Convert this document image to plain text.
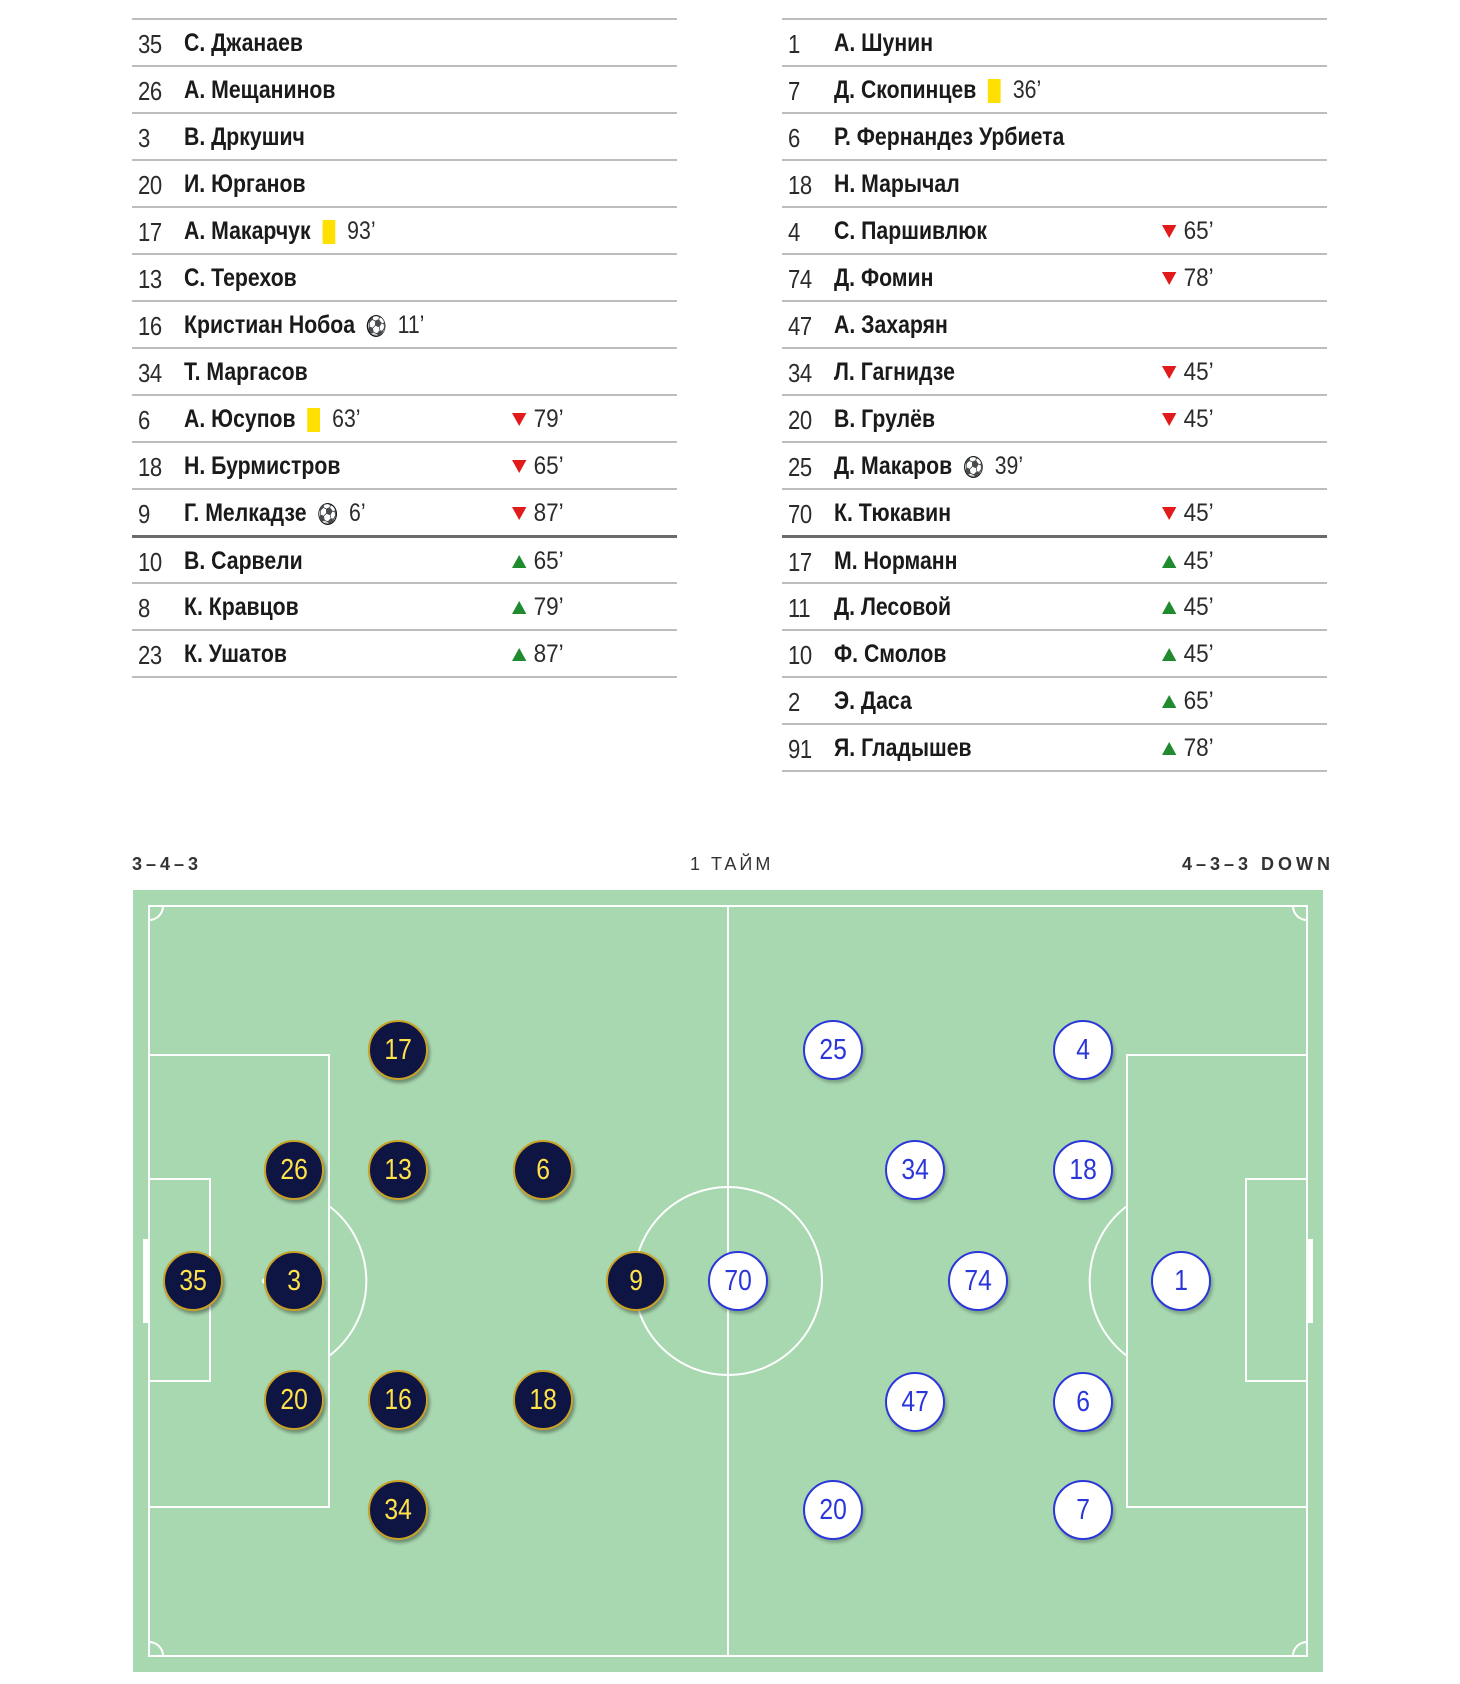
35 С. Джанаев
26 А. Мещанинов
3 В. Дркушич
20 И. Юрганов
17 А. Макарчук 93’
13 С. Терехов
16 Кристиан Нобоа ⚽ 11’
34 Т. Маргасов
6 А. Юсупов 63’	79’
18 Н. Бурмистров	65’
9 Г. Мелкадзе ⚽ 6’	87’
10 В. Сарвели	65’
8 К. Кравцов	79’
23 К. Ушатов	87’
1 А. Шунин
7 Д. Скопинцев 36’
6 Р. Фернандез Урбиета
18 Н. Марычал
4 С. Паршивлюк	65’
74 Д. Фомин	78’
47 А. Захарян
34 Л. Гагнидзе	45’
20 В. Грулёв	45’
25 Д. Макаров ⚽ 39’
70 К. Тюкавин	45’
17 М. Норманн	45’
11 Д. Лесовой	45’
10 Ф. Смолов	45’
2 Э. Даса	65’
91 Я. Гладышев	78’
3–4–3	1 ТАЙМ	4–3–3 DOWN
35
26
3
20
17
13
16
34
6
18
9	1
4
18
6
7
25
34
47
20
74
70
